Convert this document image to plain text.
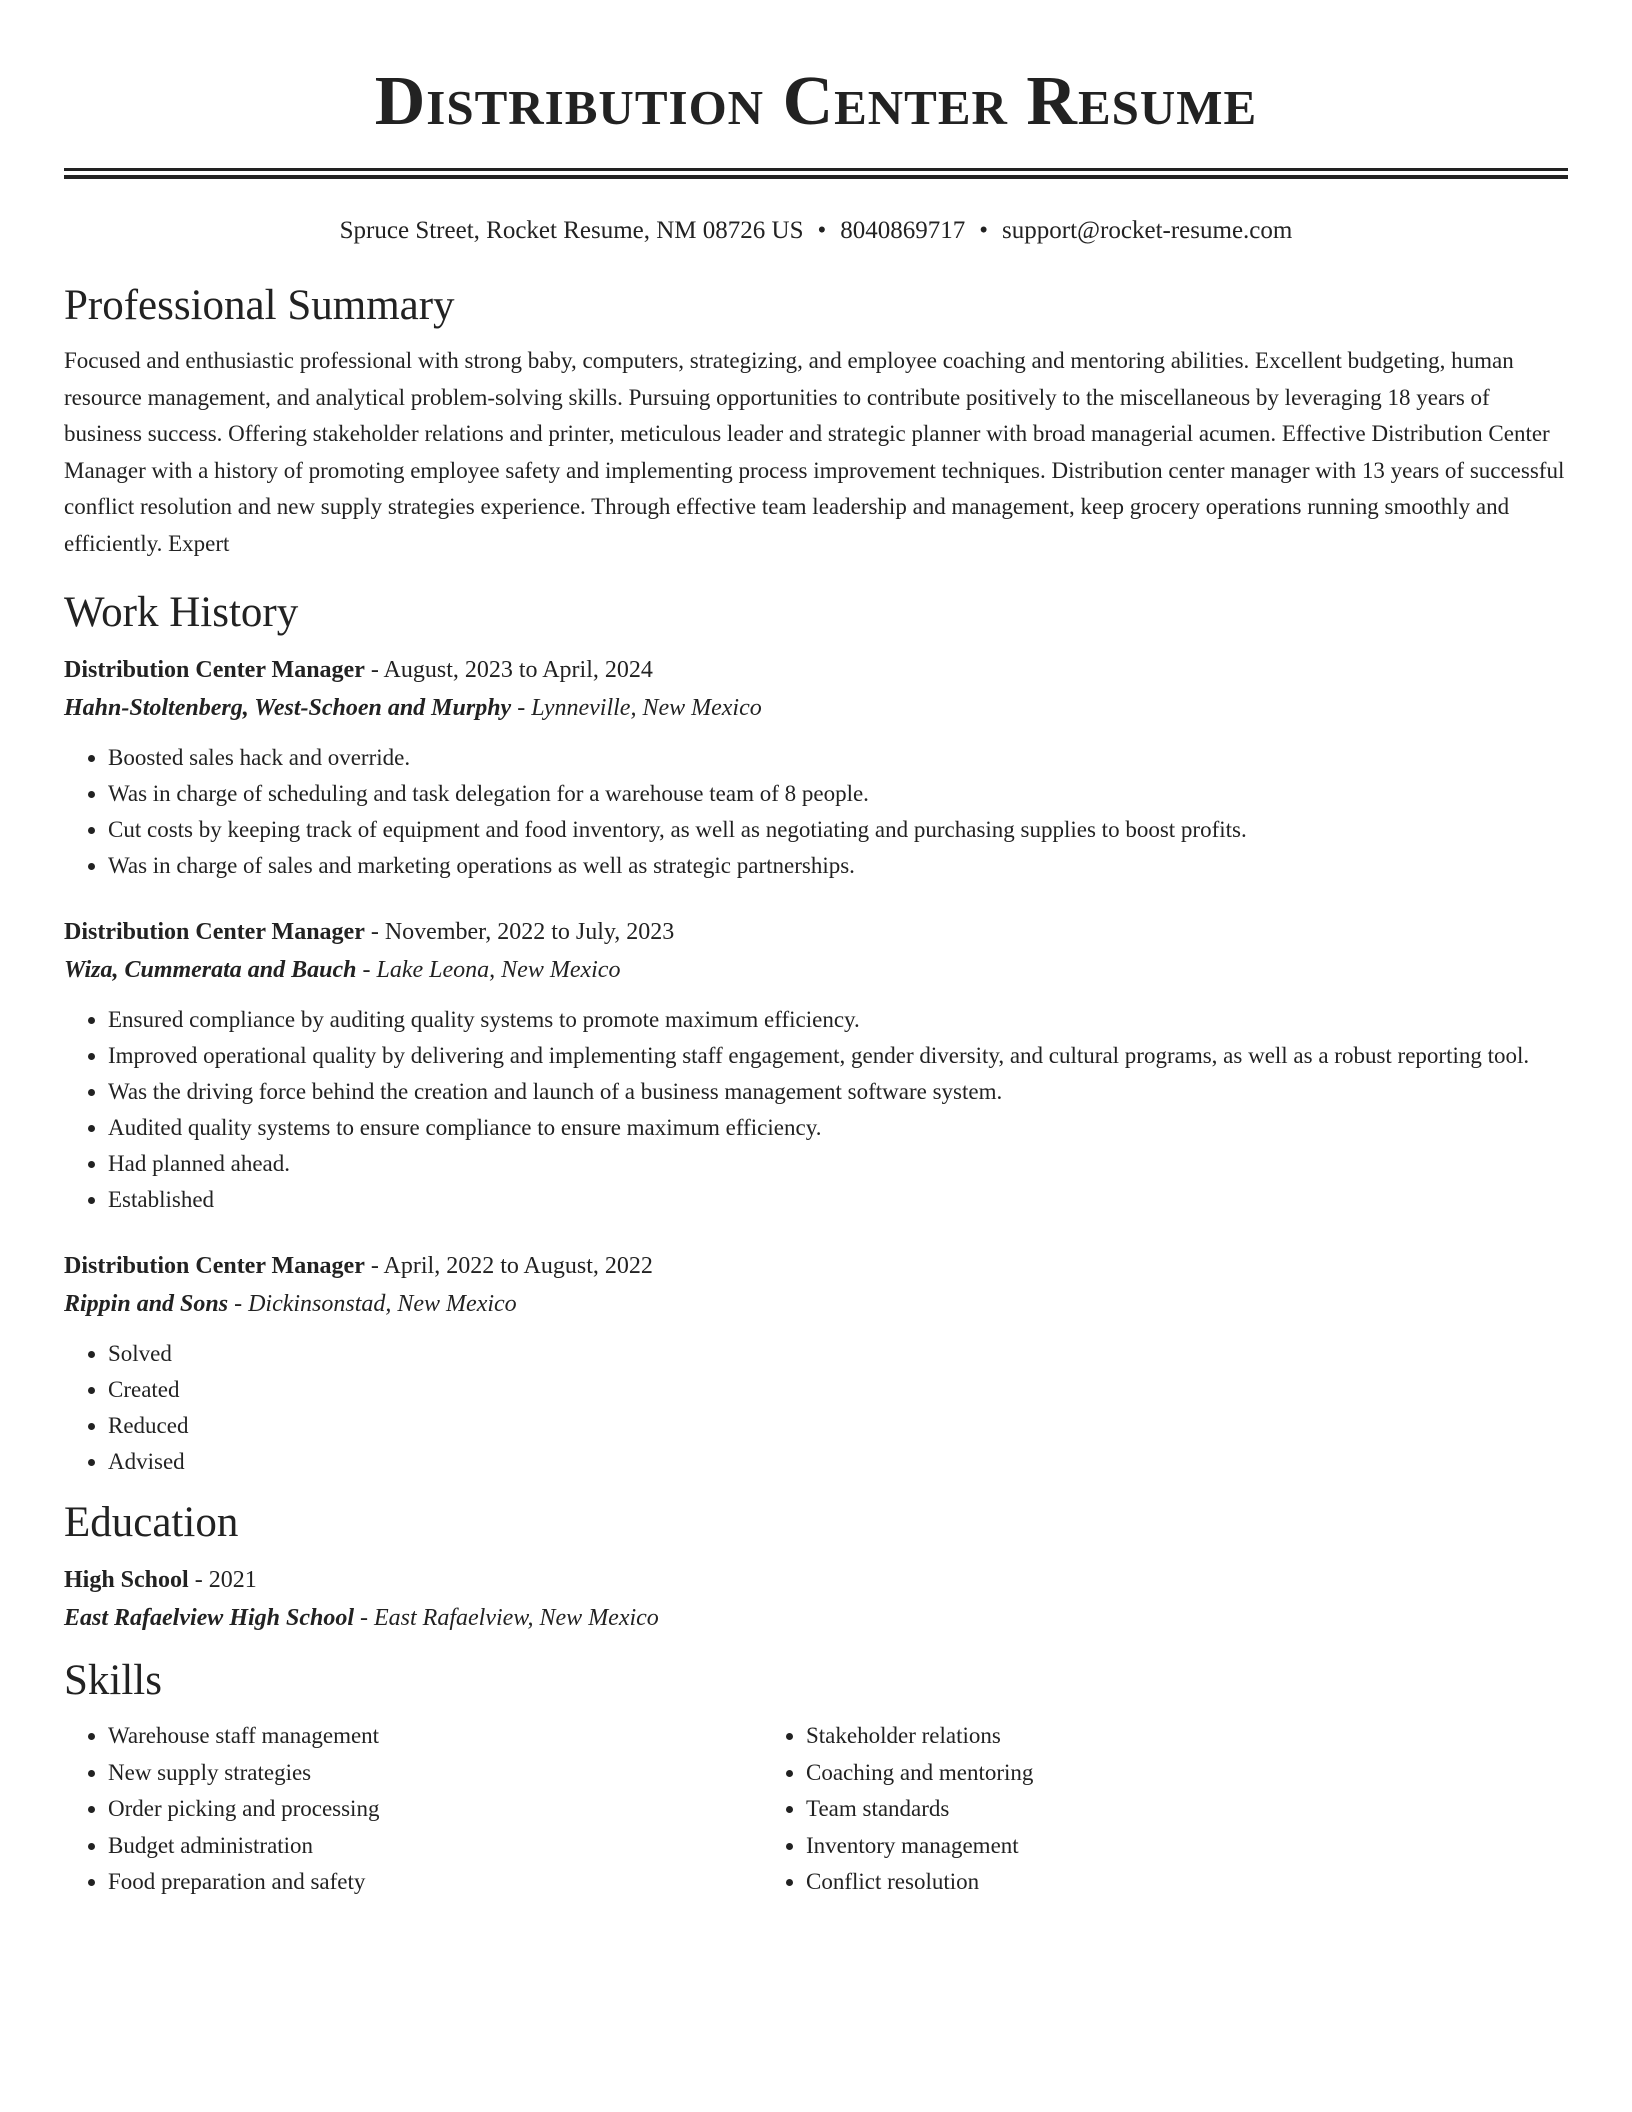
Distribution Center Resume
Spruce Street, Rocket Resume, NM 08726 US • 8040869717 • support@rocket-resume.com
Professional Summary
Focused and enthusiastic professional with strong baby, computers, strategizing, and employee coaching and mentoring abilities. Excellent budgeting, human resource management, and analytical problem-solving skills. Pursuing opportunities to contribute positively to the miscellaneous by leveraging 18 years of business success. Offering stakeholder relations and printer, meticulous leader and strategic planner with broad managerial acumen. Effective Distribution Center Manager with a history of promoting employee safety and implementing process improvement techniques. Distribution center manager with 13 years of successful conflict resolution and new supply strategies experience. Through effective team leadership and management, keep grocery operations running smoothly and efficiently. Expert
Work History
Distribution Center Manager - August, 2023 to April, 2024
Hahn-Stoltenberg, West-Schoen and Murphy - Lynneville, New Mexico
• Boosted sales hack and override.
• Was in charge of scheduling and task delegation for a warehouse team of 8 people.
• Cut costs by keeping track of equipment and food inventory, as well as negotiating and purchasing supplies to boost profits.
• Was in charge of sales and marketing operations as well as strategic partnerships.
Distribution Center Manager - November, 2022 to July, 2023
Wiza, Cummerata and Bauch - Lake Leona, New Mexico
• Ensured compliance by auditing quality systems to promote maximum efficiency.
• Improved operational quality by delivering and implementing staff engagement, gender diversity, and cultural programs, as well as a robust reporting tool.
• Was the driving force behind the creation and launch of a business management software system.
• Audited quality systems to ensure compliance to ensure maximum efficiency.
• Had planned ahead.
• Established
Distribution Center Manager - April, 2022 to August, 2022
Rippin and Sons - Dickinsonstad, New Mexico
• Solved
• Created
• Reduced
• Advised
Education
High School - 2021
East Rafaelview High School - East Rafaelview, New Mexico
Skills
• Warehouse staff management
• New supply strategies
• Order picking and processing
• Budget administration
• Food preparation and safety
• Stakeholder relations
• Coaching and mentoring
• Team standards
• Inventory management
• Conflict resolution
